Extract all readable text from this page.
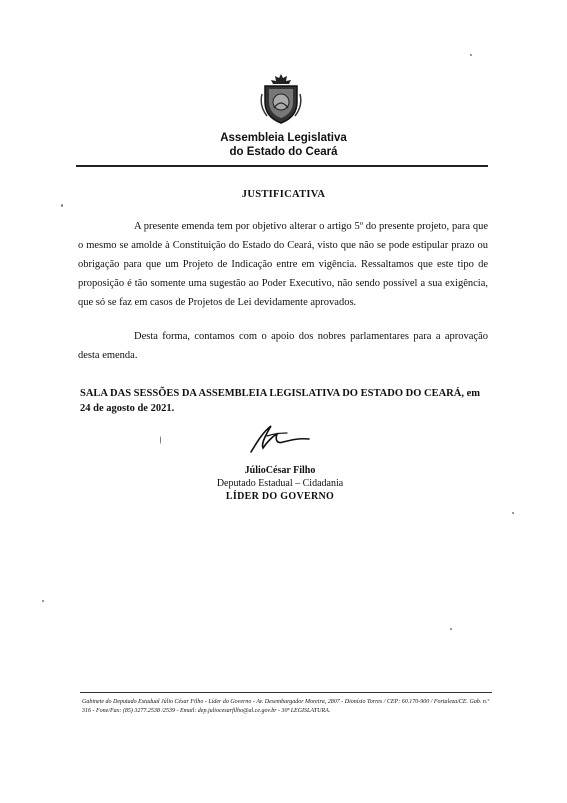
Assembleia Legislativa
do Estado do Ceará
JUSTIFICATIVA

A presente emenda tem por objetivo alterar o artigo 5º do presente projeto, para que o mesmo se amolde à Constituição do Estado do Ceará, visto que não se pode estipular prazo ou obrigação para que um Projeto de Indicação entre em vigência. Ressaltamos que este tipo de proposição é tão somente uma sugestão ao Poder Executivo, não sendo possível a sua exigência, que só se faz em casos de Projetos de Lei devidamente aprovados.

Desta forma, contamos com o apoio dos nobres parlamentares para a aprovação desta emenda.

SALA DAS SESSÕES DA ASSEMBLEIA LEGISLATIVA DO ESTADO DO CEARÁ, em 24 de agosto de 2021.

JúlioCésar Filho
Deputado Estadual – Cidadania
LÍDER DO GOVERNO

Gabinete do Deputado Estadual Júlio César Filho - Líder do Governo - Av. Desembargador Moreira, 2807 - Dionísio Torres / CEP: 60.170-900 / Fortaleza/CE. Gab. n.º 316 - Fone/Fax: (85) 3277.2538 /2539 - Email: dep.juliocesarfilho@al.ce.gov.br - 30ª LEGISLATURA.
